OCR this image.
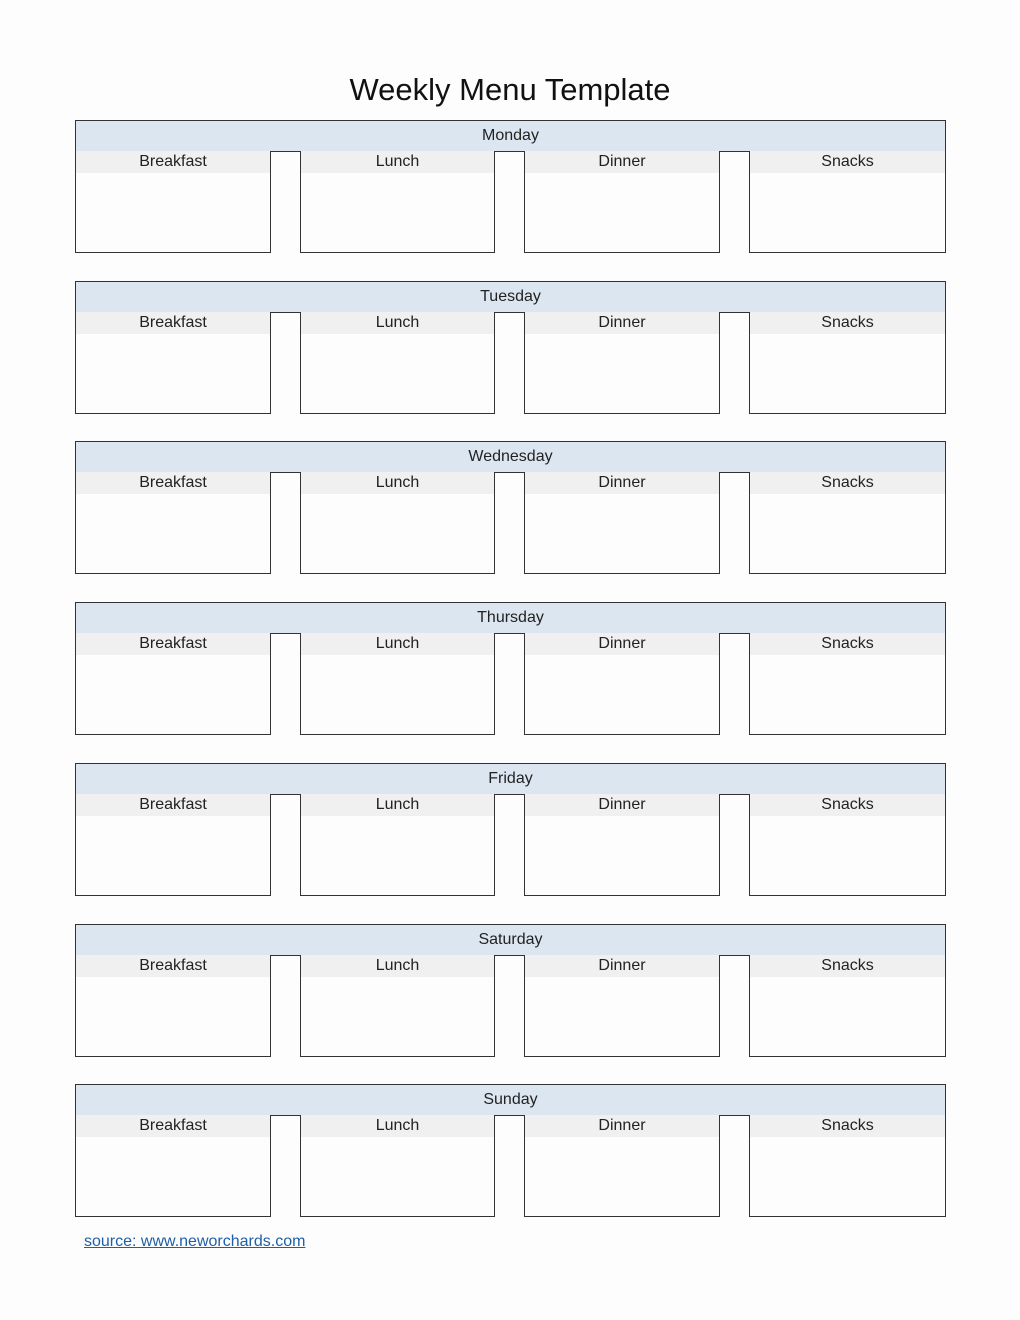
Weekly Menu Template
Monday
Breakfast	Lunch	Dinner	Snacks
Tuesday
Breakfast	Lunch	Dinner	Snacks
Wednesday
Breakfast	Lunch	Dinner	Snacks
Thursday
Breakfast	Lunch	Dinner	Snacks
Friday
Breakfast	Lunch	Dinner	Snacks
Saturday
Breakfast	Lunch	Dinner	Snacks
Sunday
Breakfast	Lunch	Dinner	Snacks
source: www.neworchards.com
